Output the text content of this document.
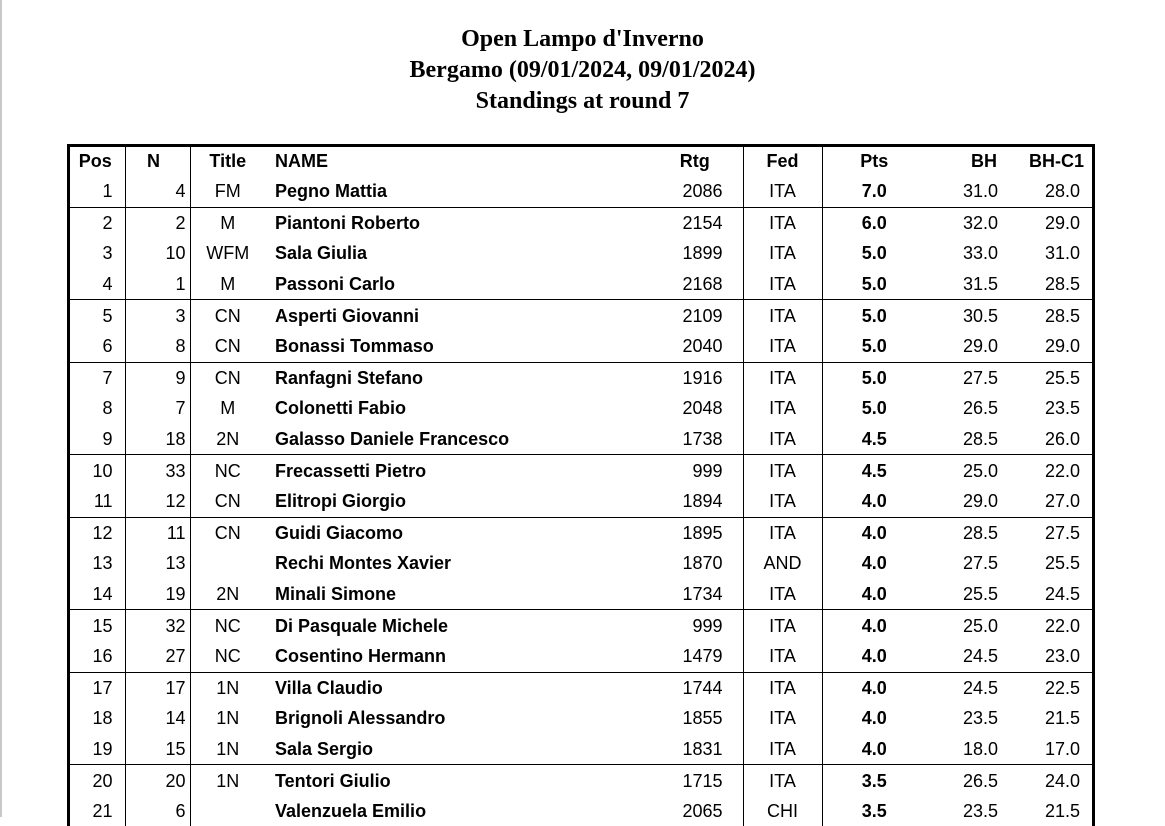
Open Lampo d'Inverno
Bergamo (09/01/2024, 09/01/2024)
Standings at round 7
Pos	N	Title	NAME	Rtg	Fed	Pts	BH	BH-C1
1	4	FM	Pegno Mattia	2086	ITA	7.0	31.0	28.0
2	2	M	Piantoni Roberto	2154	ITA	6.0	32.0	29.0
3	10	WFM	Sala Giulia	1899	ITA	5.0	33.0	31.0
4	1	M	Passoni Carlo	2168	ITA	5.0	31.5	28.5
5	3	CN	Asperti Giovanni	2109	ITA	5.0	30.5	28.5
6	8	CN	Bonassi Tommaso	2040	ITA	5.0	29.0	29.0
7	9	CN	Ranfagni Stefano	1916	ITA	5.0	27.5	25.5
8	7	M	Colonetti Fabio	2048	ITA	5.0	26.5	23.5
9	18	2N	Galasso Daniele Francesco	1738	ITA	4.5	28.5	26.0
10	33	NC	Frecassetti Pietro	999	ITA	4.5	25.0	22.0
11	12	CN	Elitropi Giorgio	1894	ITA	4.0	29.0	27.0
12	11	CN	Guidi Giacomo	1895	ITA	4.0	28.5	27.5
13	13		Rechi Montes Xavier	1870	AND	4.0	27.5	25.5
14	19	2N	Minali Simone	1734	ITA	4.0	25.5	24.5
15	32	NC	Di Pasquale Michele	999	ITA	4.0	25.0	22.0
16	27	NC	Cosentino Hermann	1479	ITA	4.0	24.5	23.0
17	17	1N	Villa Claudio	1744	ITA	4.0	24.5	22.5
18	14	1N	Brignoli Alessandro	1855	ITA	4.0	23.5	21.5
19	15	1N	Sala Sergio	1831	ITA	4.0	18.0	17.0
20	20	1N	Tentori Giulio	1715	ITA	3.5	26.5	24.0
21	6		Valenzuela Emilio	2065	CHI	3.5	23.5	21.5
